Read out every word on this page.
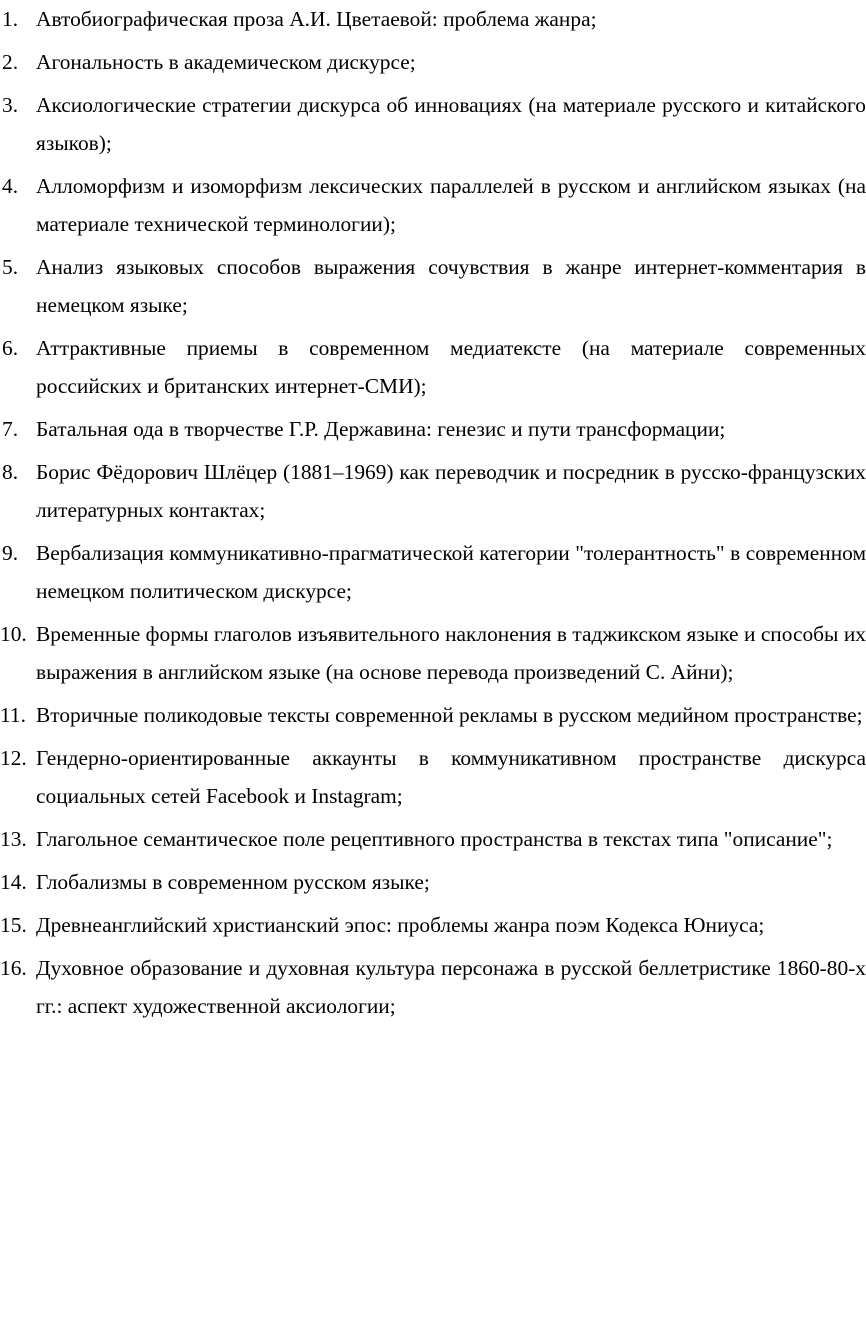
1. Автобиографическая проза А.И. Цветаевой: проблема жанра;
2. Агональность в академическом дискурсе;
3. Аксиологические стратегии дискурса об инновациях (на материале русского и китайского языков);
4. Алломорфизм и изоморфизм лексических параллелей в русском и английском языках (на материале технической терминологии);
5. Анализ языковых способов выражения сочувствия в жанре интернет-комментария в немецком языке;
6. Аттрактивные приемы в современном медиатексте (на материале современных российских и британских интернет-СМИ);
7. Батальная ода в творчестве Г.Р. Державина: генезис и пути трансформации;
8. Борис Фёдорович Шлёцер (1881–1969) как переводчик и посредник в русско-французских литературных контактах;
9. Вербализация коммуникативно-прагматической категории "толерантность" в современном немецком политическом дискурсе;
10. Временные формы глаголов изъявительного наклонения в таджикском языке и способы их выражения в английском языке (на основе перевода произведений С. Айни);
11. Вторичные поликодовые тексты современной рекламы в русском медийном пространстве;
12. Гендерно-ориентированные аккаунты в коммуникативном пространстве дискурса социальных сетей Facebook и Instagram;
13. Глагольное семантическое поле рецептивного пространства в текстах типа "описание";
14. Глобализмы в современном русском языке;
15. Древнеанглийский христианский эпос: проблемы жанра поэм Кодекса Юниуса;
16. Духовное образование и духовная культура персонажа в русской беллетристике 1860-80-х гг.: аспект художественной аксиологии;
